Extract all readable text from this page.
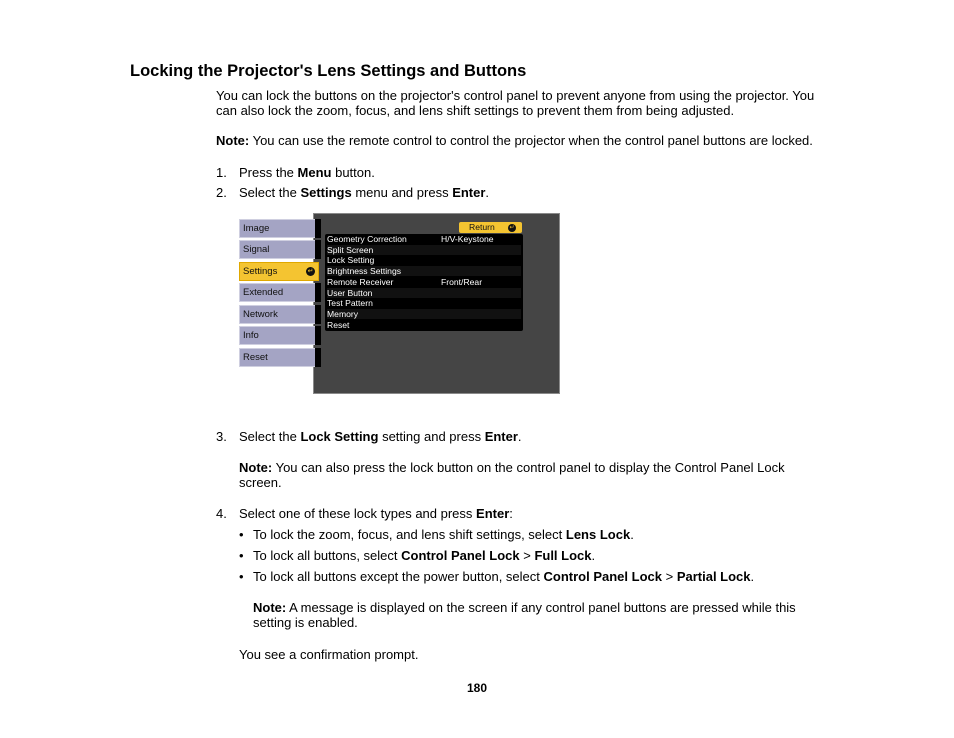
Locking the Projector's Lens Settings and Buttons
You can lock the buttons on the projector's control panel to prevent anyone from using the projector. You
can also lock the zoom, focus, and lens shift settings to prevent them from being adjusted.
Note: You can use the remote control to control the projector when the control panel buttons are locked.
1. Press the Menu button.
2. Select the Settings menu and press Enter.
Image
Signal
Settings	↵
Extended
Network
Info
Reset
Return ↵
Geometry Correction	H/V-Keystone
Split Screen
Lock Setting
Brightness Settings
Remote Receiver	Front/Rear
User Button
Test Pattern
Memory
Reset
3. Select the Lock Setting setting and press Enter.
Note: You can also press the lock button on the control panel to display the Control Panel Lock
screen.
4. Select one of these lock types and press Enter:
• To lock the zoom, focus, and lens shift settings, select Lens Lock.
• To lock all buttons, select Control Panel Lock > Full Lock.
• To lock all buttons except the power button, select Control Panel Lock > Partial Lock.
Note: A message is displayed on the screen if any control panel buttons are pressed while this
setting is enabled.
You see a confirmation prompt.
180
